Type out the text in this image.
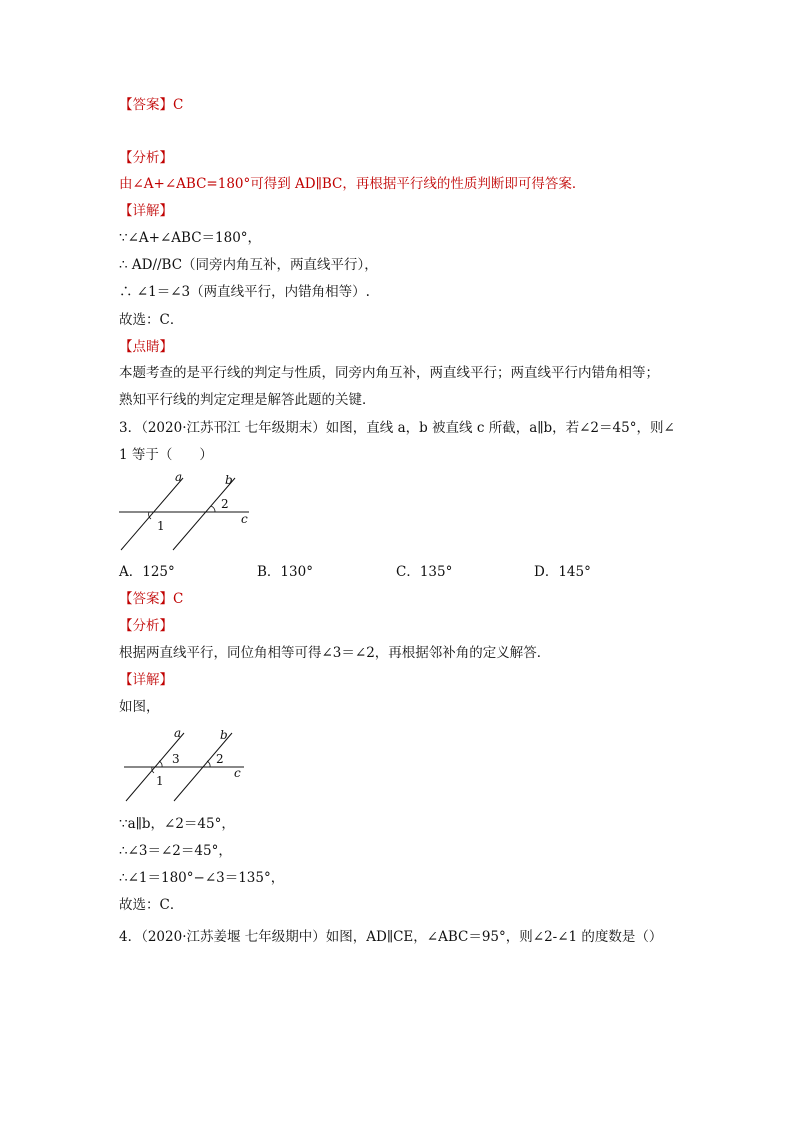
【答案】C
【分析】
由∠A+∠ABC=180°可得到 AD∥BC，再根据平行线的性质判断即可得答案．
【详解】
∵∠A+∠ABC＝180°，
∴ AD//BC（同旁内角互补，两直线平行），
∴ ∠1＝∠3（两直线平行，内错角相等）.
故选：C．
【点睛】
本题考查的是平行线的判定与性质，同旁内角互补，两直线平行；两直线平行内错角相等；
熟知平行线的判定定理是解答此题的关键．
3．（2020·江苏邗江 七年级期末）如图，直线 a，b 被直线 c 所截，a∥b，若∠2＝45°，则∠
1 等于（　　）
a	b
c
1
2
A．125°	B．130°	C．135°	D．145°
【答案】C
【分析】
根据两直线平行，同位角相等可得∠3＝∠2，再根据邻补角的定义解答．
【详解】
如图，
a	b
c
3
1
2
∵a∥b，∠2＝45°，
∴∠3＝∠2＝45°，
∴∠1＝180°−∠3＝135°，
故选：C．
4．（2020·江苏姜堰 七年级期中）如图，AD∥CE，∠ABC＝95°，则∠2-∠1 的度数是（）
